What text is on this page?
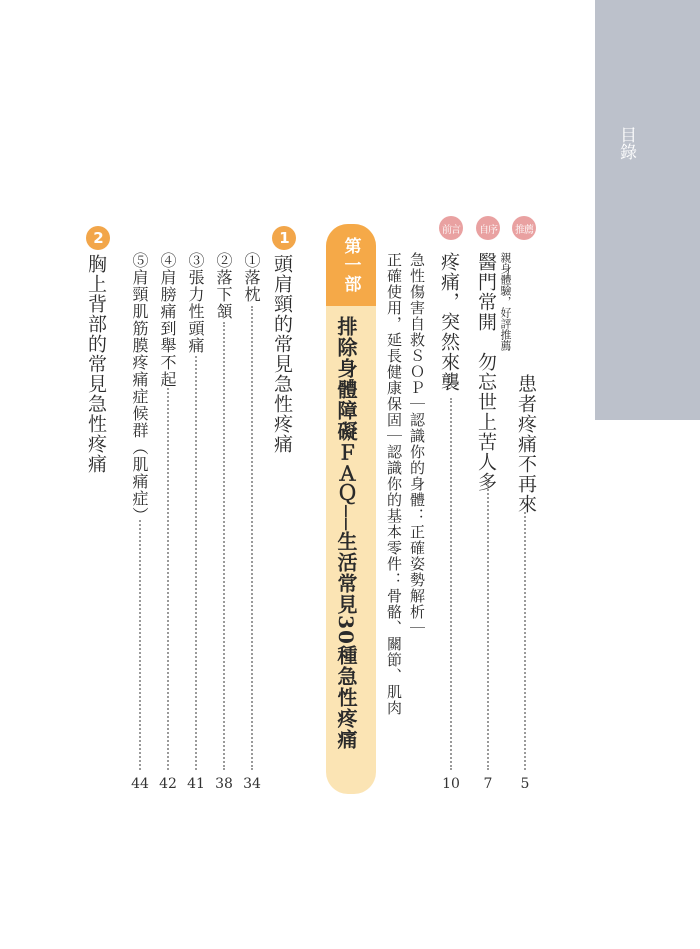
目錄
推薦
親身體驗，好評推薦
患者疼痛不再來
5
自序
醫門常開　勿忘世上苦人多
7
前言
疼痛，突然來襲
10
急性傷害自救ＳＯＰ｜認識你的身體：正確姿勢解析｜
正確使用，延長健康保固｜認識你的基本零件：骨骼、關節、肌肉
第一部
排除身體障礙ＦＡＱ──生活常見30種急性疼痛
1
頭肩頸的常見急性疼痛
①落枕
34
②落下頷
38
③張力性頭痛
41
④肩膀痛到舉不起
42
⑤肩頸肌筋膜疼痛症候群（肌痛症）
44
2
胸上背部的常見急性疼痛
